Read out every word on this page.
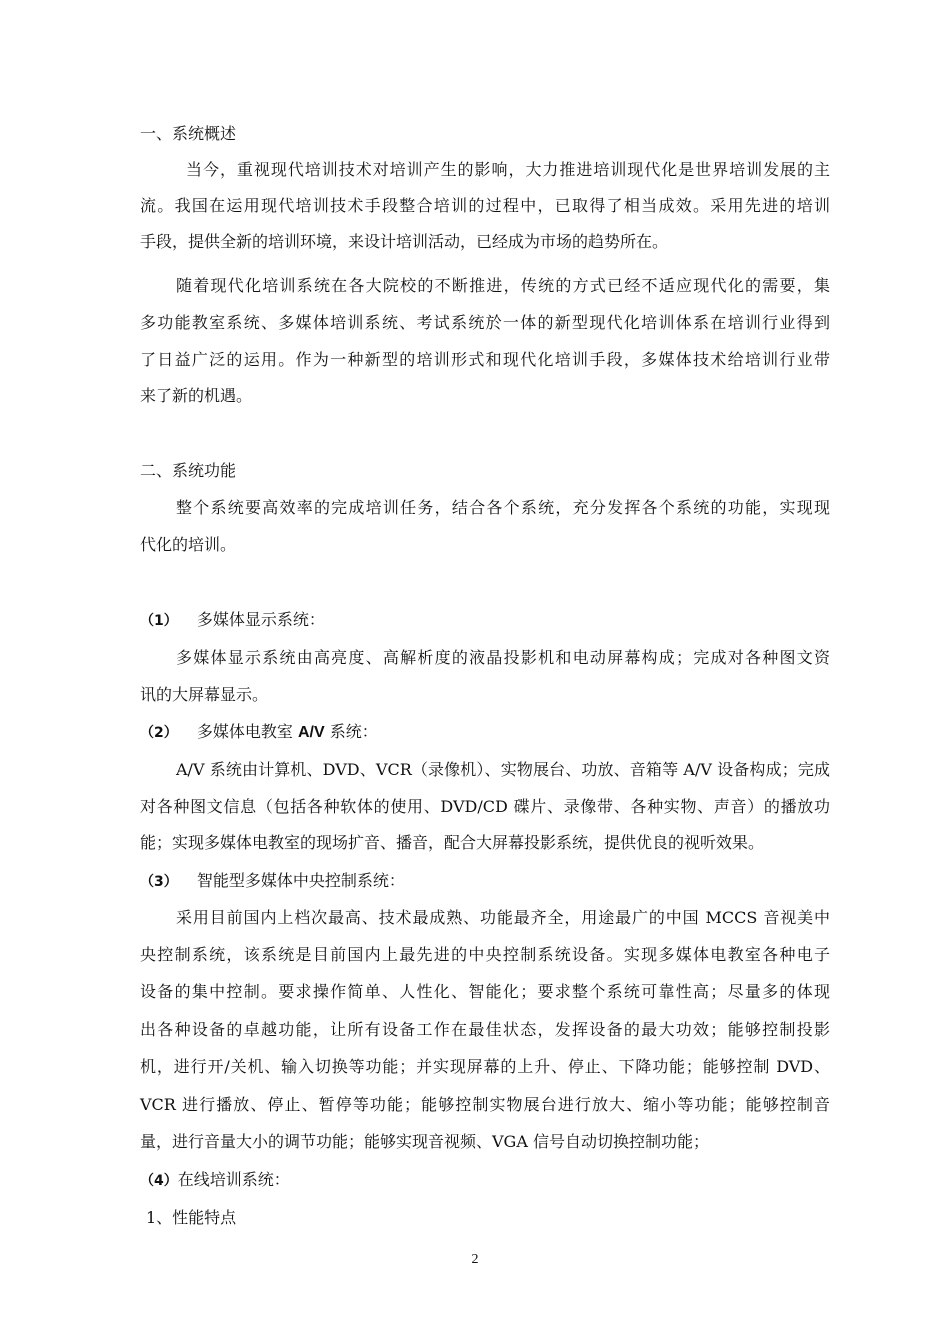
一、系统概述
当今，重视现代培训技术对培训产生的影响，大力推进培训现代化是世界培训发展的主
流。我国在运用现代培训技术手段整合培训的过程中，已取得了相当成效。采用先进的培训
手段，提供全新的培训环境，来设计培训活动，已经成为市场的趋势所在。
随着现代化培训系统在各大院校的不断推进，传统的方式已经不适应现代化的需要，集
多功能教室系统、多媒体培训系统、考试系统於一体的新型现代化培训体系在培训行业得到
了日益广泛的运用。作为一种新型的培训形式和现代化培训手段，多媒体技术给培训行业带
来了新的机遇。
二、系统功能
整个系统要高效率的完成培训任务，结合各个系统，充分发挥各个系统的功能，实现现
代化的培训。
（1） 多媒体显示系统：
多媒体显示系统由高亮度、高解析度的液晶投影机和电动屏幕构成；完成对各种图文资
讯的大屏幕显示。
（2） 多媒体电教室 A/V 系统：
A/V 系统由计算机、DVD、VCR（录像机）、实物展台、功放、音箱等 A/V 设备构成；完成
对各种图文信息（包括各种软体的使用、DVD/CD 碟片、录像带、各种实物、声音）的播放功
能；实现多媒体电教室的现场扩音、播音，配合大屏幕投影系统，提供优良的视听效果。
（3） 智能型多媒体中央控制系统：
采用目前国内上档次最高、技术最成熟、功能最齐全，用途最广的中国 MCCS 音视美中
央控制系统，该系统是目前国内上最先进的中央控制系统设备。实现多媒体电教室各种电子
设备的集中控制。要求操作简单、人性化、智能化；要求整个系统可靠性高；尽量多的体现
出各种设备的卓越功能，让所有设备工作在最佳状态，发挥设备的最大功效；能够控制投影
机，进行开/关机、输入切换等功能；并实现屏幕的上升、停止、下降功能；能够控制 DVD、
VCR 进行播放、停止、暂停等功能；能够控制实物展台进行放大、缩小等功能；能够控制音
量，进行音量大小的调节功能；能够实现音视频、VGA 信号自动切换控制功能；
（4）在线培训系统：
1、性能特点
2
